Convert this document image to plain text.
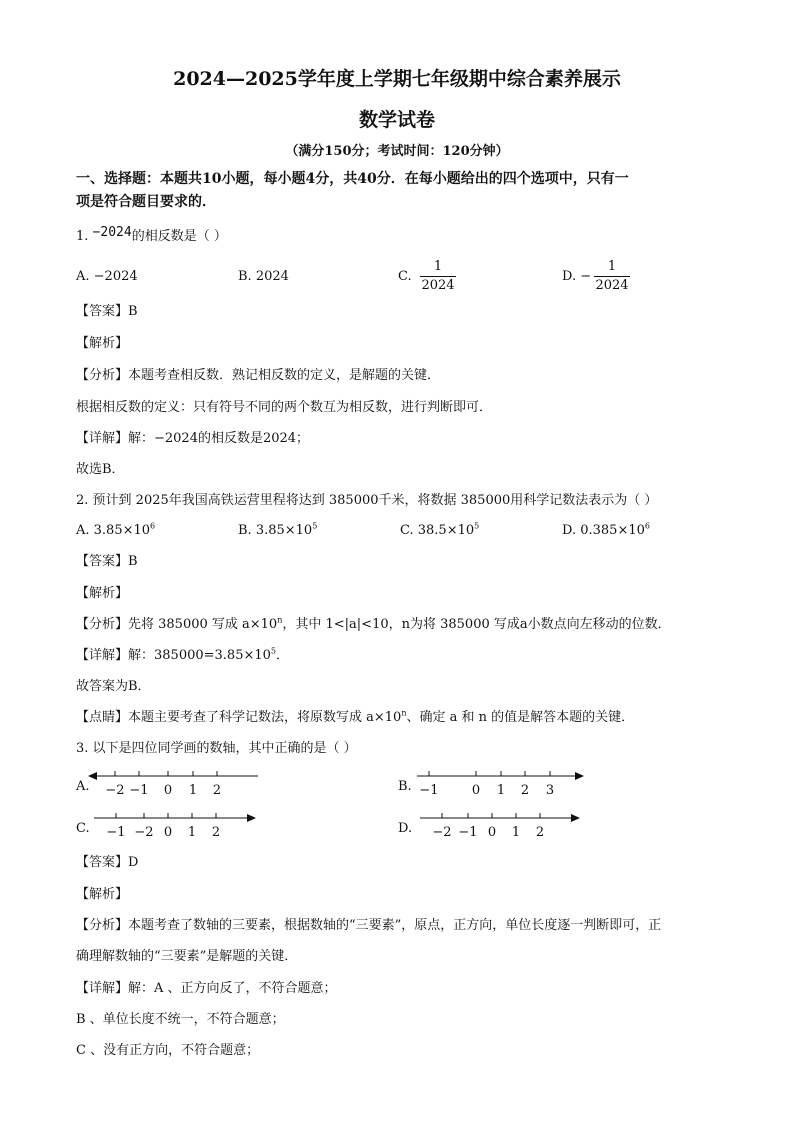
2024—2025学年度上学期七年级期中综合素养展示
数学试卷
（满分150分；考试时间：120分钟）
一、选择题：本题共10小题，每小题4分，共40分．在每小题给出的四个选项中，只有一
项是符合题目要求的．
1. −2024的相反数是（ ）
A. −2024	B. 2024	C.
1
2024
D. −
1
2024
【答案】B
【解析】
【分析】本题考查相反数．熟记相反数的定义，是解题的关键．
根据相反数的定义：只有符号不同的两个数互为相反数，进行判断即可．
【详解】解：−2024的相反数是2024；
故选B．
2. 预计到 2025年我国高铁运营里程将达到 385000千米，将数据 385000用科学记数法表示为（ ）
A. $3.85\times 10^6$	B. $3.85\times 10^5$	C. $38.5\times 10^5$	D. $0.385\times 10^6$
【答案】B
【解析】
【分析】先将 385000 写成 $a\times 10^n$，其中 1<|a|<10，n为将 385000 写成a小数点向左移动的位数．
【详解】解：$385000=3.85\times 10^5$．
故答案为B．
【点睛】本题主要考查了科学记数法，将原数写成 $a\times 10^n$、确定 a 和 n 的值是解答本题的关键．
3. 以下是四位同学画的数轴，其中正确的是（ ）
A. −2 −1 0 1 2	B. −1	0 1 2 3
C. −1 −2 0 1 2	D. −2 −1 0 1 2
【答案】D
【解析】
【分析】本题考查了数轴的三要素，根据数轴的“三要素”，原点，正方向，单位长度逐一判断即可，正
确理解数轴的“三要素”是解题的关键．
【详解】解：A 、正方向反了，不符合题意；
B 、单位长度不统一，不符合题意；
C 、没有正方向，不符合题意；
